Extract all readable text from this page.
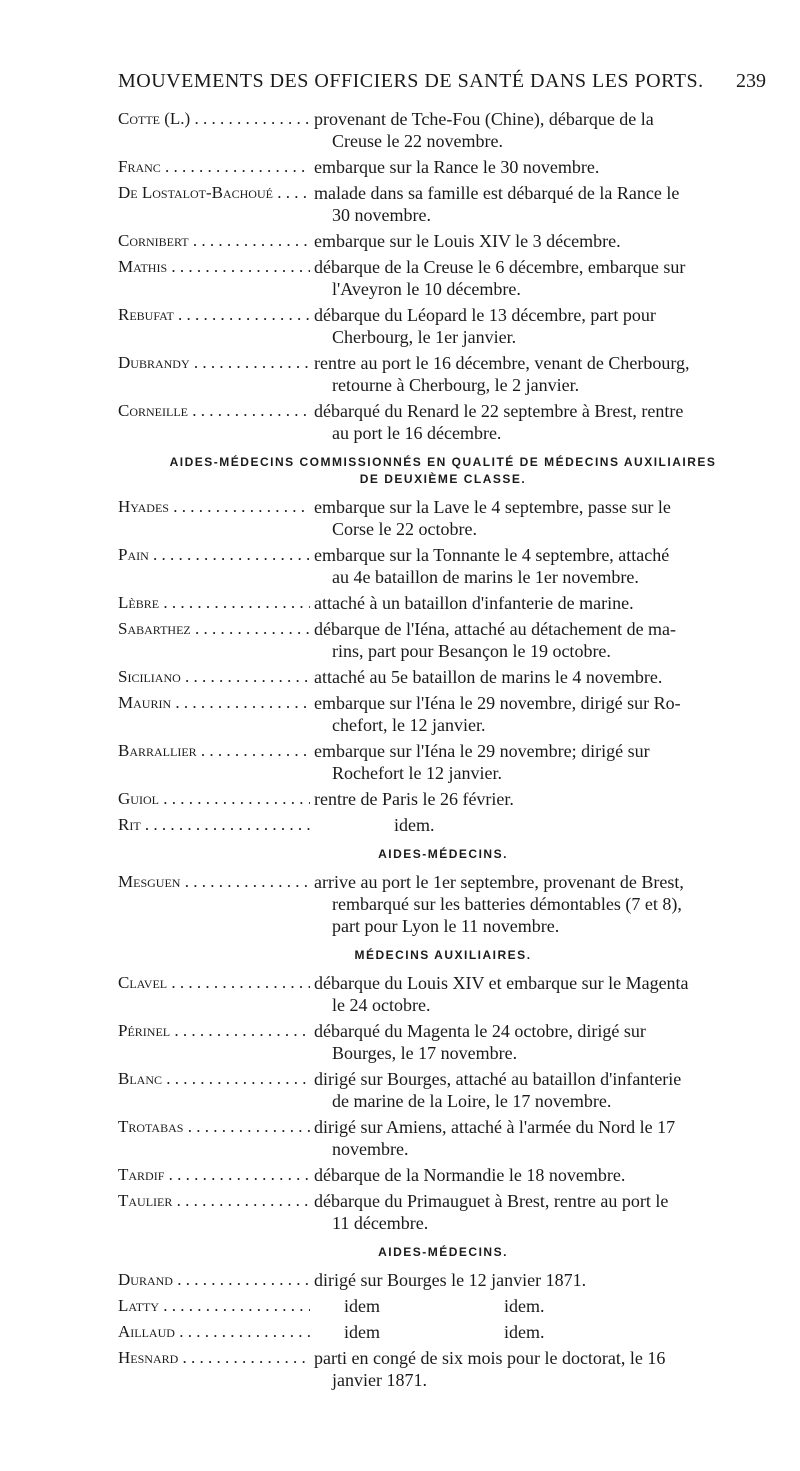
MOUVEMENTS DES OFFICIERS DE SANTÉ DANS LES PORTS. 239
Cotte (L.) . . .	provenant de Tche-Fou (Chine), débarque de la
Creuse le 22 novembre.
Franc . . .	embarque sur la Rance le 30 novembre.
De Lostalot-Bachoué . . .	malade dans sa famille est débarqué de la Rance le
30 novembre.
Cornibert . . .	embarque sur le Louis XIV le 3 décembre.
Mathis . . .	débarque de la Creuse le 6 décembre, embarque sur
l'Aveyron le 10 décembre.
Rebufat . . .	débarque du Léopard le 13 décembre, part pour
Cherbourg, le 1er janvier.
Dubrandy . . .	rentre au port le 16 décembre, venant de Cherbourg,
retourne à Cherbourg, le 2 janvier.
Corneille . . .	débarqué du Renard le 22 septembre à Brest, rentre
au port le 16 décembre.
AIDES-MÉDECINS COMMISSIONNÉS EN QUALITÉ DE MÉDECINS AUXILIAIRES
DE DEUXIÈME CLASSE.
Hyades . . .	embarque sur la Lave le 4 septembre, passe sur le
Corse le 22 octobre.
Pain . . .	embarque sur la Tonnante le 4 septembre, attaché
au 4e bataillon de marins le 1er novembre.
Lèbre . . .	attaché à un bataillon d'infanterie de marine.
Sabarthez . . .	débarque de l'Iéna, attaché au détachement de ma-
rins, part pour Besançon le 19 octobre.
Siciliano . . .	attaché au 5e bataillon de marins le 4 novembre.
Maurin . . .	embarque sur l'Iéna le 29 novembre, dirigé sur Ro-
chefort, le 12 janvier.
Barrallier . . .	embarque sur l'Iéna le 29 novembre; dirigé sur
Rochefort le 12 janvier.
Guiol . . .	rentre de Paris le 26 février.
Rit . . .	idem.
AIDES-MÉDECINS.
Mesguen . . .	arrive au port le 1er septembre, provenant de Brest,
rembarqué sur les batteries démontables (7 et 8),
part pour Lyon le 11 novembre.
MÉDECINS AUXILIAIRES.
Clavel . . .	débarque du Louis XIV et embarque sur le Magenta
le 24 octobre.
Périnel . . .	débarqué du Magenta le 24 octobre, dirigé sur
Bourges, le 17 novembre.
Blanc . . .	dirigé sur Bourges, attaché au bataillon d'infanterie
de marine de la Loire, le 17 novembre.
Trotabas . . .	dirigé sur Amiens, attaché à l'armée du Nord le 17
novembre.
Tardif . . .	débarque de la Normandie le 18 novembre.
Taulier . . .	débarque du Primauguet à Brest, rentre au port le
11 décembre.
AIDES-MÉDECINS.
Durand . . .	dirigé sur Bourges le 12 janvier 1871.
Latty . . .	idem	idem.
Aillaud . . .	idem	idem.
Hesnard . . .	parti en congé de six mois pour le doctorat, le 16
janvier 1871.
